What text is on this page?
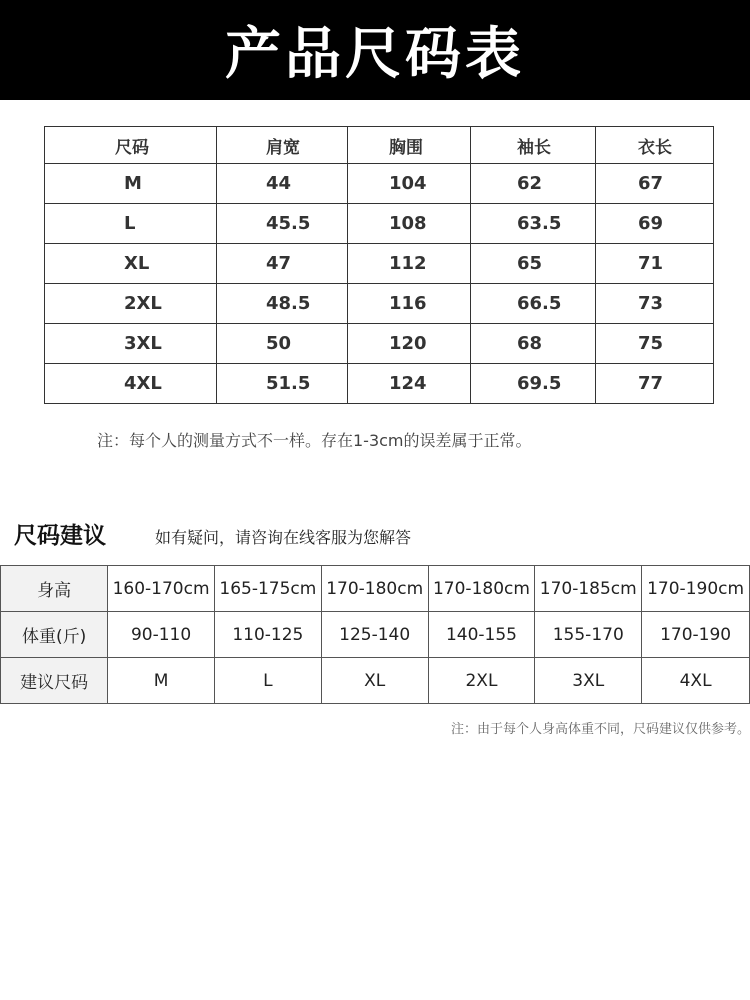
产品尺码表
尺码	肩宽	胸围	袖长	衣长
M	44	104	62	67
L	45.5	108	63.5	69
XL	47	112	65	71
2XL	48.5	116	66.5	73
3XL	50	120	68	75
4XL	51.5	124	69.5	77
注：每个人的测量方式不一样。存在1-3cm的误差属于正常。
尺码建议	如有疑问，请咨询在线客服为您解答
身高	160-170cm	165-175cm	170-180cm	170-180cm	170-185cm	170-190cm
体重(斤)	90-110	110-125	125-140	140-155	155-170	170-190
建议尺码	M	L	XL	2XL	3XL	4XL
注：由于每个人身高体重不同，尺码建议仅供参考。
